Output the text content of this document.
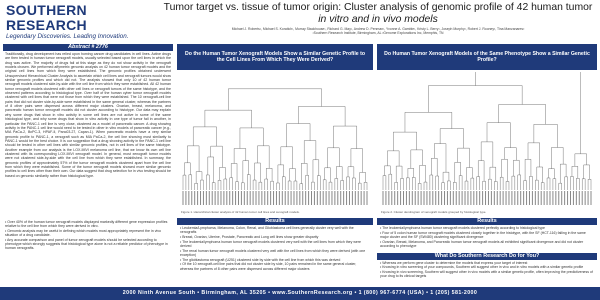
SOUTHERN RESEARCH
Legendary Discoveries. Leading Innovation.
Tumor target vs. tissue of tumor origin: Cluster analysis of genomic profile of 42 human tumor
in vitro and in vivo models
Michael J. Roberts¹, Michael S. Koratich¹, Murray Stackhouse¹, Richard G. May¹, Andrew D. Penman¹, Yvonne A. Gamble¹, Kristy L. Berry¹, Joseph Murphy¹, Robert J. Rooney², Tina Manzanares²
¹Southern Research Institute, Birmingham, AL ²Genome Explorations Inc, Memphis, TN
Abstract # 2776
Traditionally, drug development has relied upon homing cancer drug candidates in cell lines. Active drugs are then tested in human tumor xenograft models, usually selected based upon the cell lines in which the drug was active. The majority of drugs fail at this stage as they do not show activity in the xenograft models chosen. We performed affymetrix genomic analysis on 42 human tumor xenograft models and the original cell lines from which they were established. The genomic profiles obtained underwent Unsupervised Hierarchical Cluster Analysis to ascertain which cell lines and xenograft tumors would show similar genomic profiles and which did not. The analysis showed that only 10 of 42 human tumor xenograft models clustered side-by-side with the cell line from which they were established. All 42 human tumor xenograft models clustered with other cell lines or xenograft tumors of the same histotype, and the observed patterns according to histological type. Over half of the human cyber tumor xenograft models clustered with cell lines that were not those from which they were established. The 10 xenograft-cell line pairs that did not cluster side-by-side were established in the same general cluster, whereas the partners of 8 other pairs were dispersed across different major clusters. Ovarian, breast, melanoma, and pancreatic human tumor xenograft models did not cluster according to histotype. Our data may explain why some drugs that show in vitro activity in some cell lines are not active in some of the same histological type, and why some drugs that show in vitro activity in one type of tumor fail in another, in particular the PANC-1 cell line is very close, clustered as a model of pancreatic cancer. A drug showing activity in the PANC-1 cell line would need to be tested in other in vitro models of pancreatic cancer (e.g., MIA PaCa-2, BxPC-3, HPAF-II, Panc03.27, Capan-1). When pancreatic models have a very similar genomic profile to PANC-1, a xenograft such as MIA PaCa-2, the cell line showing most similarity to PANC-1 would be the best choice. It is our suggestion that a drug showing activity in the PANC-1 cell line should be tested in other cell lines with similar genomic profiles, not in cell lines of the same histotype. Another example from our analysis is the LOX-IMVI melanoma cell line, that we know its own cell line clustered with its corresponding LOX-IMVI xenograft model. In general, most xenograft tumor models were not clustered side-by-side with the cell line from which they were established. In summary, the genomic profiles of approximately 57% of the tumor xenograft models clustered apart from the cell line from which they were established. Some of the tumor xenograft models showed more similar genomic profiles to cell lines other than their own. Our data suggest that drug selection for in vivo testing should be based on genomic similarity rather than histological type.
• Over 40% of the human tumor xenograft models displayed markedly different gene expression profiles relative to the cell line from which they were derived in vitro.
• Genomic analysis may be useful in defining which models most appropriately represent the in vivo situation of a drug candidate.
• Any accurate comparison and panel of tumor xenograft models should be selected according to phenotype which strongly suggests that histological type alone is not a reliable predictor of phenotype in human xenografts.
Do the Human Tumor Xenograft Models Show a Similar Genetic Profile to the Cell Lines From Which They Were Derived?
Figure 1. Hierarchical cluster analysis of 42 human tumor cell lines and xenograft models.
Results
• Leukemia/Lymphoma, Melanoma, Colon, Renal, and Glioblastoma cell lines generally cluster very well with the xenografts
• Breast, Ovarian, Uterine, Prostate, Pancreatic and Lung cell lines show greater disparity
• The leukemia/lymphoma human tumor xenograft models clustered very well with the cell lines from which they were derived
• The renal human tumor xenograft models clustered very well with the cell lines from which they were derived (with one exception)
• The glioblastoma xenograft (U251) clustered side by side with the cell line from which this was derived
• Of the 10 xenograft-cell line pairs that did not cluster side by side, 10 pairs remained in the same general cluster, whereas the partners of 8 other pairs were dispersed across different major clusters
Do Human Tumor Xenograft Models of the Same Phenotype Show a Similar Genetic Profile?
Figure 2. Cluster dendrogram of xenograft models grouped by histological type.
Results
• The leukemia/lymphoma human tumor xenograft models clustered perfectly according to histological type
• Four of 5 colon human tumor xenograft models clustered closely together in the histotype, with the SF (HCT-116) falling in the same major cluster and the SF (SW480) clustering significant divergence
• Ovarian, Breast, Melanoma, and Pancreatic human tumor xenograft models all exhibited significant divergence and did not cluster according to phenotype
What Do Southern Research Do for You?
• Whereas we perform gene cluster to determine the models that express your target of interest
• Knowing in vitro screening of your compounds, Southern will suggest other in vivo and in vitro models with a similar genetic profile
• Knowing in vivo screening, Southern will suggest other in vivo models with a similar genetic profile, often improving the predictiveness of your drug to its clinical targets
2000 Ninth Avenue South • Birmingham, AL 35205 • www.SouthernResearch.org • 1 (800) 967-6774 (USA) • 1 (205) 581-2000
